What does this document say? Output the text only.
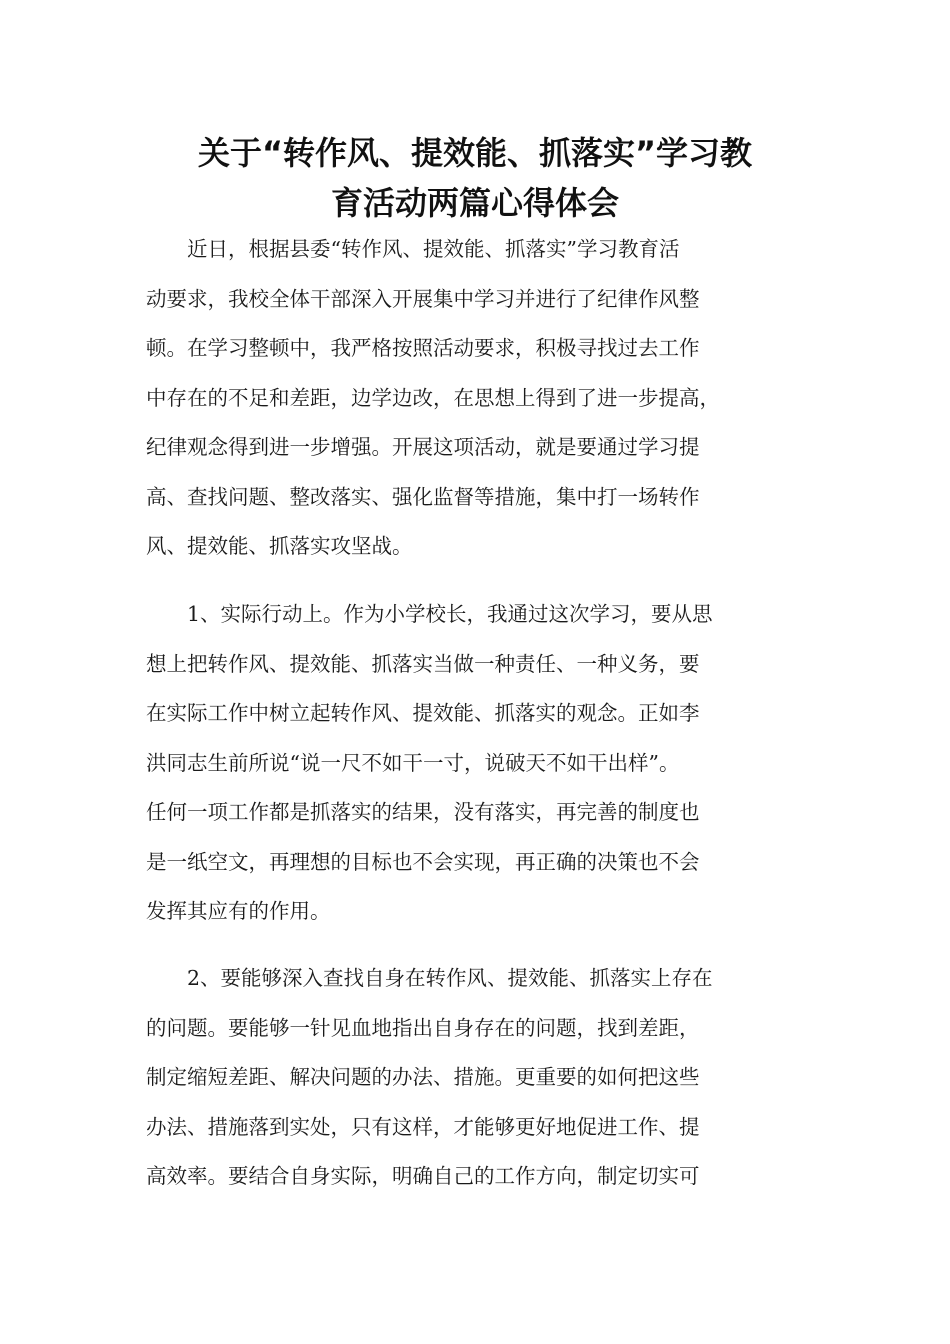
关于“转作风、提效能、抓落实”学习教
育活动两篇心得体会
近日，根据县委“转作风、提效能、抓落实”学习教育活
动要求，我校全体干部深入开展集中学习并进行了纪律作风整
顿。在学习整顿中，我严格按照活动要求，积极寻找过去工作
中存在的不足和差距，边学边改，在思想上得到了进一步提高，
纪律观念得到进一步增强。开展这项活动，就是要通过学习提
高、查找问题、整改落实、强化监督等措施，集中打一场转作
风、提效能、抓落实攻坚战。
1、实际行动上。作为小学校长，我通过这次学习，要从思
想上把转作风、提效能、抓落实当做一种责任、一种义务，要
在实际工作中树立起转作风、提效能、抓落实的观念。正如李
洪同志生前所说“说一尺不如干一寸，说破天不如干出样”。
任何一项工作都是抓落实的结果，没有落实，再完善的制度也
是一纸空文，再理想的目标也不会实现，再正确的决策也不会
发挥其应有的作用。
2、要能够深入查找自身在转作风、提效能、抓落实上存在
的问题。要能够一针见血地指出自身存在的问题，找到差距，
制定缩短差距、解决问题的办法、措施。更重要的如何把这些
办法、措施落到实处，只有这样，才能够更好地促进工作、提
高效率。要结合自身实际，明确自己的工作方向，制定切实可
